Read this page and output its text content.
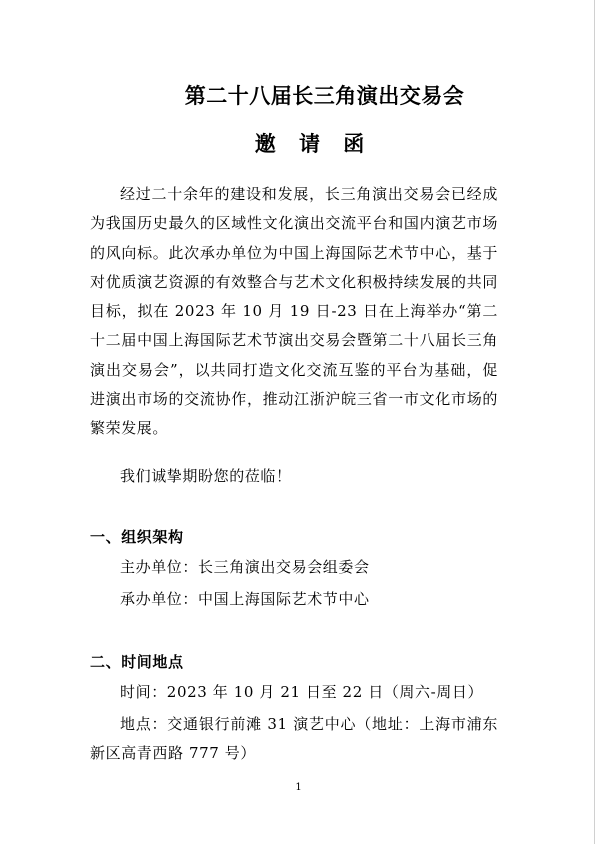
第二十八届长三角演出交易会
邀 请 函

经过二十余年的建设和发展，长三角演出交易会已经成为我国历史最久的区域性文化演出交流平台和国内演艺市场的风向标。此次承办单位为中国上海国际艺术节中心，基于对优质演艺资源的有效整合与艺术文化积极持续发展的共同目标，拟在 2023 年 10 月 19 日-23 日在上海举办“第二十二届中国上海国际艺术节演出交易会暨第二十八届长三角演出交易会”，以共同打造文化交流互鉴的平台为基础，促进演出市场的交流协作，推动江浙沪皖三省一市文化市场的繁荣发展。

我们诚挚期盼您的莅临！

一、组织架构
主办单位：长三角演出交易会组委会
承办单位：中国上海国际艺术节中心
二、时间地点
时间：2023 年 10 月 21 日至 22 日（周六-周日）

地点：交通银行前滩 31 演艺中心（地址：上海市浦东新区高青西路 777 号）

1
